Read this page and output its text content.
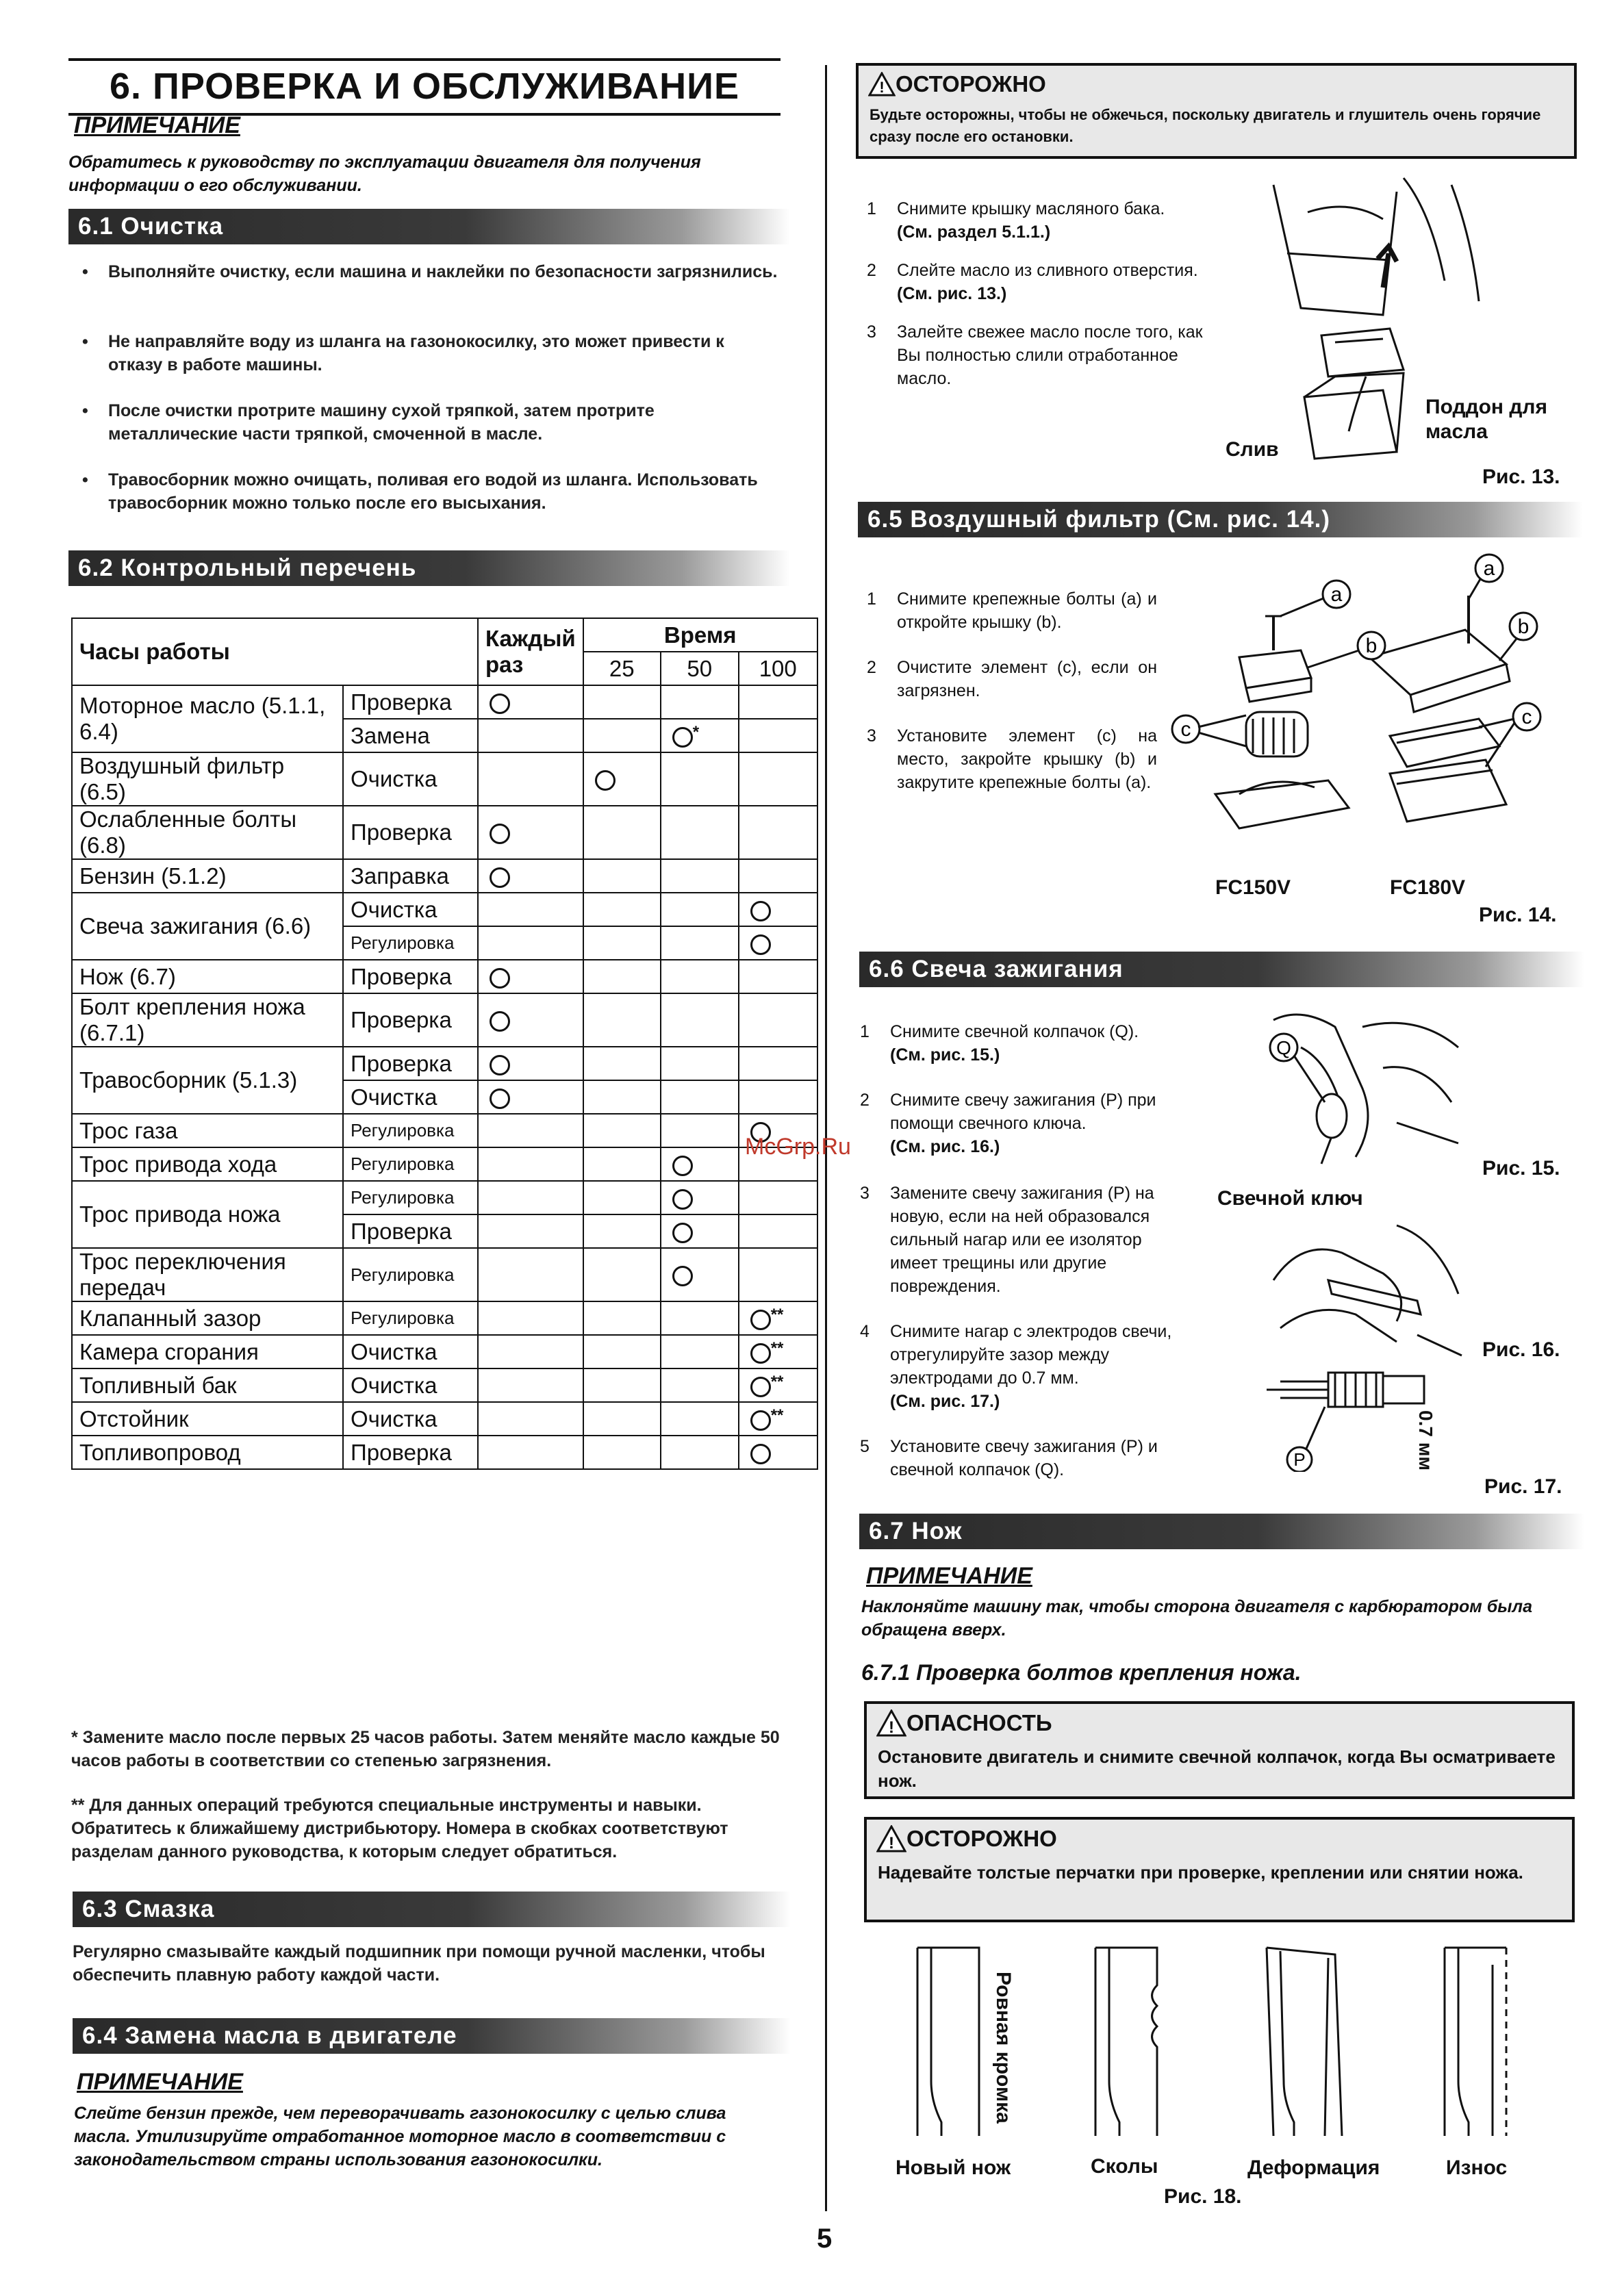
6. ПРОВЕРКА И ОБСЛУЖИВАНИЕ
ПРИМЕЧАНИЕ
Обратитесь к руководству по эксплуатации двигателя для получения информации о его обслуживании.
6.1 Очистка
• Выполняйте очистку, если машина и наклейки по безопасности загрязнились.
• Не направляйте воду из шланга на газонокосилку, это может привести к отказу в работе машины.
• После очистки протрите машину сухой тряпкой, затем протрите металлические части тряпкой, смоченной в масле.
• Травосборник можно очищать, поливая его водой из шланга. Использовать травосборник можно только после его высыхания.
6.2 Контрольный перечень
Часы работы		Каждый раз	Время		
			25	50	100
Моторное масло (5.1.1, 6.4)	Проверка				
	Замена			*	
Воздушный фильтр (6.5)	Очистка				
Ослабленные болты (6.8)	Проверка				
Бензин (5.1.2)	Заправка				
Свеча зажигания (6.6)	Очистка				
	Регулировка				
Нож (6.7)	Проверка				
Болт крепления ножа (6.7.1)	Проверка				
Травосборник (5.1.3)	Проверка				
	Очистка				
Трос газа	Регулировка				
Трос привода хода	Регулировка				
Трос привода ножа	Регулировка				
	Проверка				
Трос переключения передач	Регулировка				
Клапанный зазор	Регулировка				**
Камера сгорания	Очистка				**
Топливный бак	Очистка				**
Отстойник	Очистка				**
Топливопровод	Проверка				
* Замените масло после первых 25 часов работы. Затем меняйте масло каждые 50 часов работы в соответствии со степенью загрязнения.
** Для данных операций требуются специальные инструменты и навыки. Обратитесь к ближайшему дистрибьютору. Номера в скобках соответствуют разделам данного руководства, к которым следует обратиться.
6.3 Смазка
Регулярно смазывайте каждый подшипник при помощи ручной масленки, чтобы обеспечить плавную работу каждой части.
6.4 Замена масла в двигателе
ПРИМЕЧАНИЕ
Слейте бензин прежде, чем переворачивать газонокосилку с целью слива масла. Утилизируйте отработанное моторное масло в соответствии с законодательством страны использования газонокосилки.
! ОСТОРОЖНО
Будьте осторожны, чтобы не обжечься, поскольку двигатель и глушитель очень горячие сразу после его остановки.
1 Снимите крышку масляного бака.
(См. раздел 5.1.1.)
2 Слейте масло из сливного отверстия. (См. рис. 13.)
3 Залейте свежее масло после того, как Вы полностью слили отработанное масло.
Слив
Поддон для масла
Рис. 13.
6.5 Воздушный фильтр (См. рис. 14.)
1 Снимите крепежные болты (а) и откройте крышку (b).
2 Очистите элемент (с), если он загрязнен.
3 Установите элемент (с) на место, закройте крышку (b) и закрутите крепежные болты (а).
a
b
c
a
b
c
FC150V	FC180V
Рис. 14.
6.6 Свеча зажигания
1 Снимите свечной колпачок (Q).
(См. рис. 15.)
2 Снимите свечу зажигания (P) при помощи свечного ключа.
(См. рис. 16.)
3 Замените свечу зажигания (P) на новую, если на ней образовался сильный нагар или ее изолятор имеет трещины или другие повреждения.
4 Снимите нагар с электродов свечи, отрегулируйте зазор между электродами до 0.7 мм.
(См. рис. 17.)
5 Установите свечу зажигания (P) и свечной колпачок (Q).
Q
Рис. 15.
Свечной ключ
Рис. 16.
P	0.7 мм
Рис. 17.
6.7 Нож
ПРИМЕЧАНИЕ
Наклоняйте машину так, чтобы сторона двигателя с карбюратором была обращена вверх.
6.7.1 Проверка болтов крепления ножа.
! ОПАСНОСТЬ
Остановите двигатель и снимите свечной колпачок, когда Вы осматриваете нож.
! ОСТОРОЖНО
Надевайте толстые перчатки при проверке, креплении или снятии ножа.
Ровная кромка
Новый нож	Сколы	Деформация	Износ
Рис. 18.
McGrp.Ru
5
